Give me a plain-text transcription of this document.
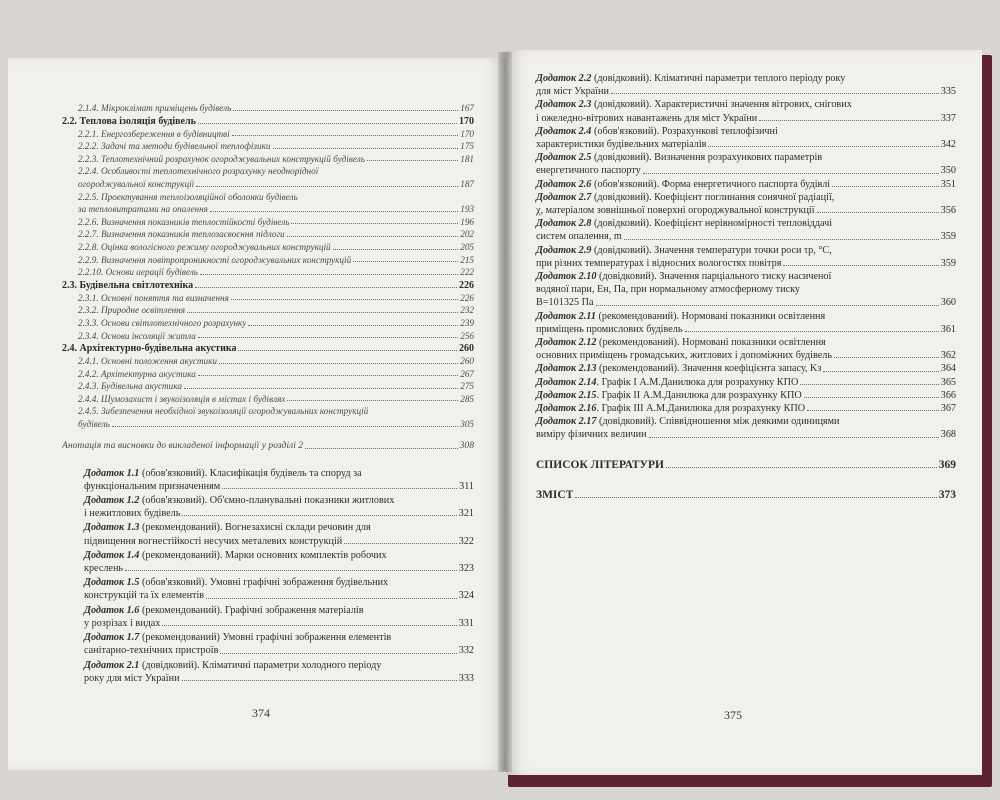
2.1.4. Мікроклімат приміщень будівель	167
2.2. Теплова ізоляція будівель	170
2.2.1. Енергозбереження в будівництві	170
2.2.2. Задачі та методи будівельної теплофізики	175
2.2.3. Теплотехнічний розрахунок огороджувальних конструкцій будівель	181
2.2.4. Особливості теплотехнічного розрахунку неоднорідної
огороджувальної конструкції	187
2.2.5. Проектування теплоізоляційної оболонки будівель
за тепловитратами на опалення	193
2.2.6. Визначення показників теплостійкості будівель	196
2.2.7. Визначення показників теплозасвоєння підлоги	202
2.2.8. Оцінка вологісного режиму огороджувальних конструкцій	205
2.2.9. Визначення повітропроникності огороджувальних конструкцій	215
2.2.10. Основи аерації будівель	222
2.3. Будівельна світлотехніка	226
2.3.1. Основні поняття та визначення	226
2.3.2. Природне освітлення	232
2.3.3. Основи світлотехнічного розрахунку	239
2.3.4. Основи інсоляції житла	256
2.4. Архітектурно-будівельна акустика	260
2.4.1. Основні положення акустики	260
2.4.2. Архітектурна акустика	267
2.4.3. Будівельна акустика	275
2.4.4. Шумозахист і звукоізоляція в містах і будівлях	285
2.4.5. Забезпечення необхідної звукоізоляції огороджувальних конструкцій
будівель	305
Анотація та висновки до викладеної інформації у розділі 2	308
Додаток 1.1 (обов'язковий). Класифікація будівель та споруд за
функціональним призначенням	311
Додаток 1.2 (обов'язковий). Об'ємно-планувальні показники житлових
і нежитлових будівель	321
Додаток 1.3 (рекомендований). Вогнезахисні склади речовин для
підвищення вогнестійкості несучих металевих конструкцій	322
Додаток 1.4 (рекомендований). Марки основних комплектів робочих
креслень	323
Додаток 1.5 (обов'язковий). Умовні графічні зображення будівельних
конструкцій та їх елементів	324
Додаток 1.6 (рекомендований). Графічні зображення матеріалів
у розрізах і видах	331
Додаток 1.7 (рекомендований) Умовні графічні зображення елементів
санітарно-технічних пристроїв	332
Додаток 2.1 (довідковий). Кліматичні параметри холодного періоду
року для міст України	333
374
Додаток 2.2 (довідковий). Кліматичні параметри теплого періоду року
для міст України	335
Додаток 2.3 (довідковий). Характеристичні значення вітрових, снігових
і ожеледно-вітрових навантажень для міст України	337
Додаток 2.4 (обов'язковий). Розрахункові теплофізичні
характеристики будівельних матеріалів	342
Додаток 2.5 (довідковий). Визначення розрахункових параметрів
енергетичного паспорту	350
Додаток 2.6 (обов'язковий). Форма енергетичного паспорта будівлі	351
Додаток 2.7 (довідковий). Коефіцієнт поглинання сонячної радіації,
χ, матеріалом зовнішньої поверхні огороджувальної конструкції	356
Додаток 2.8 (довідковий). Коефіцієнт нерівномірності тепловіддачі
систем опалення, m	359
Додаток 2.9 (довідковий). Значення температури точки роси τр, °С,
при різних температурах і відносних вологостях повітря	359
Додаток 2.10 (довідковий). Значення парціального тиску насиченої
водяної пари, Eн, Па, при нормальному атмосферному тиску
В=101325 Па	360
Додаток 2.11 (рекомендований). Нормовані показники освітлення
приміщень промислових будівель	361
Додаток 2.12 (рекомендований). Нормовані показники освітлення
основних приміщень громадських, житлових і допоміжних будівель	362
Додаток 2.13 (рекомендований). Значення коефіцієнта запасу, Kз	364
Додаток 2.14. Графік І А.М.Данилюка для розрахунку КПО	365
Додаток 2.15. Графік ІІ А.М.Данилюка для розрахунку КПО	366
Додаток 2.16. Графік ІІІ А.М.Данилюка для розрахунку КПО	367
Додаток 2.17 (довідковий). Співвідношення між деякими одиницями
виміру фізичних величин	368
СПИСОК ЛІТЕРАТУРИ	369
ЗМІСТ	373
375
